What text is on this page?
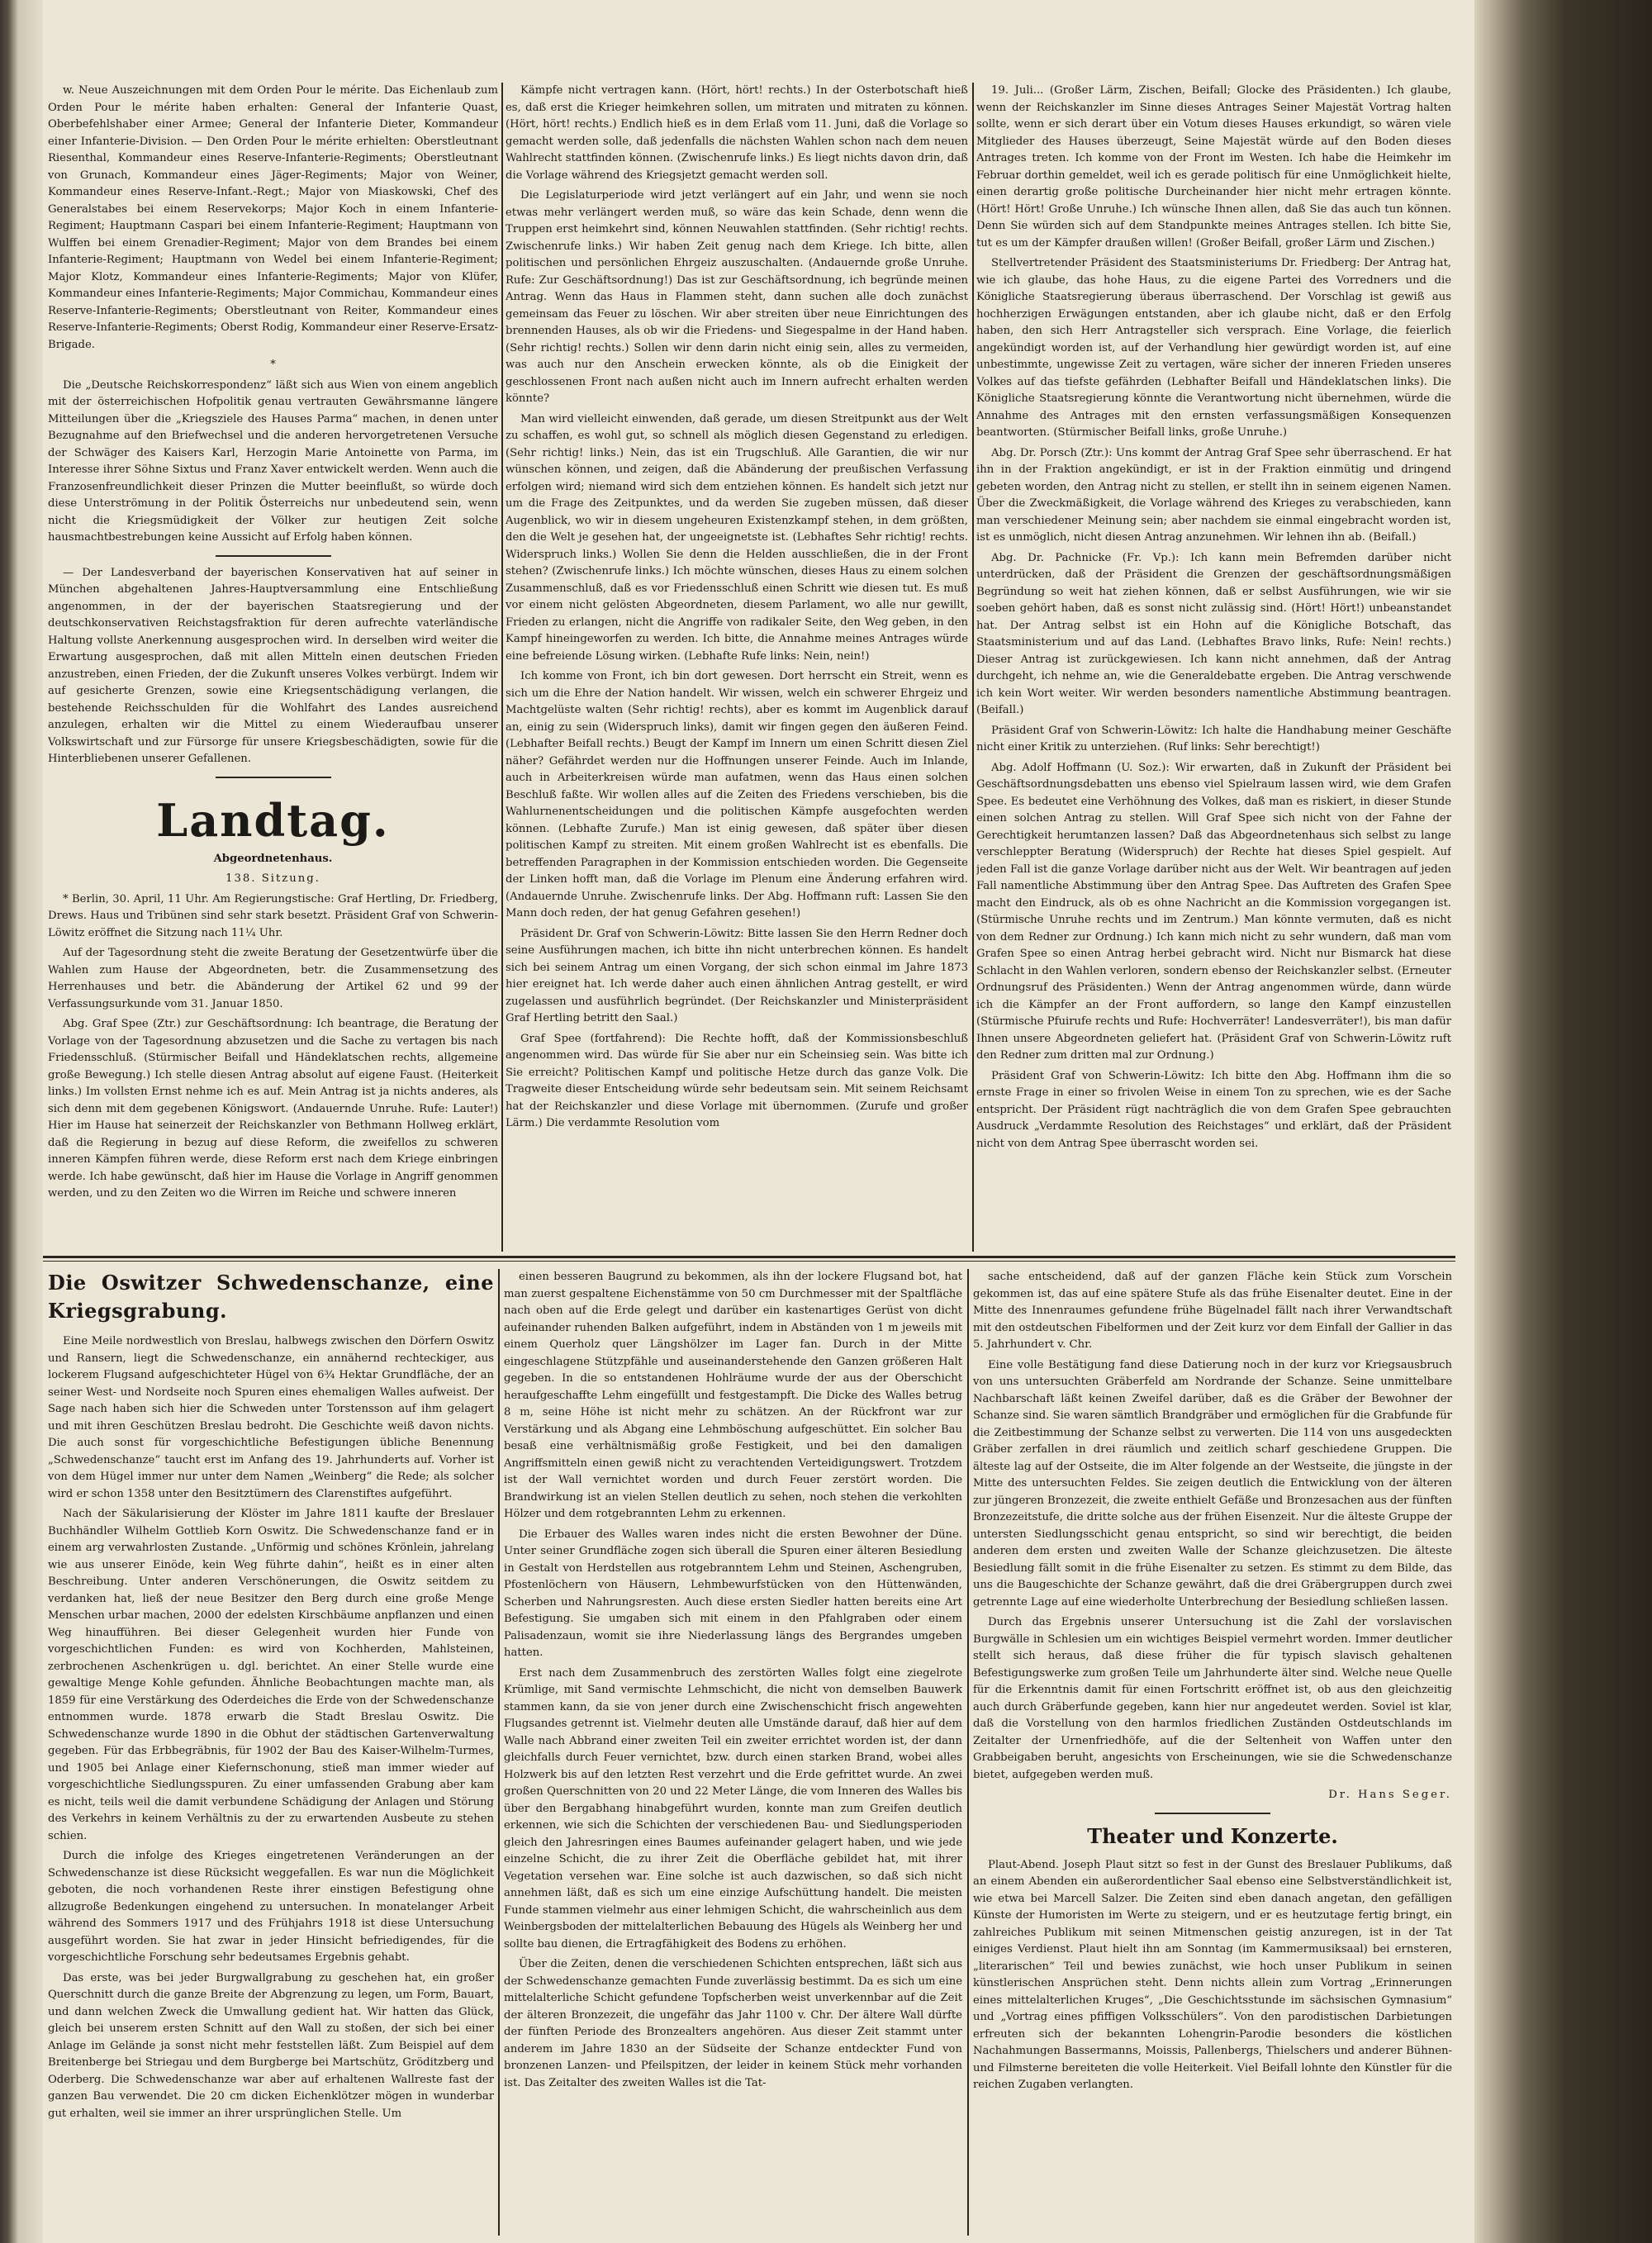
w. Neue Auszeichnungen mit dem Orden Pour le mérite. Das Eichenlaub zum Orden Pour le mérite haben erhalten: General der Infanterie Quast, Oberbefehlshaber einer Armee; General der Infanterie Dieter, Kommandeur einer Infanterie-Division. — Den Orden Pour le mérite erhielten: Oberstleutnant Riesenthal, Kommandeur eines Reserve-Infanterie-Regiments; Oberstleutnant von Grunach, Kommandeur eines Jäger-Regiments; Major von Weiner, Kommandeur eines Reserve-Infant.-Regt.; Major von Miaskowski, Chef des Generalstabes bei einem Reservekorps; Major Koch in einem Infanterie-Regiment; Hauptmann Caspari bei einem Infanterie-Regiment; Hauptmann von Wulffen bei einem Grenadier-Regiment; Major von dem Brandes bei einem Infanterie-Regiment; Hauptmann von Wedel bei einem Infanterie-Regiment; Major Klotz, Kommandeur eines Infanterie-Regiments; Major von Klüfer, Kommandeur eines Infanterie-Regiments; Major Commichau, Kommandeur eines Reserve-Infanterie-Regiments; Oberstleutnant von Reiter, Kommandeur eines Reserve-Infanterie-Regiments; Oberst Rodig, Kommandeur einer Reserve-Ersatz-Brigade.

*

Die „Deutsche Reichskorrespondenz“ läßt sich aus Wien von einem angeblich mit der österreichischen Hofpolitik genau vertrauten Gewährsmanne längere Mitteilungen über die „Kriegsziele des Hauses Parma“ machen, in denen unter Bezugnahme auf den Briefwechsel und die anderen hervorgetretenen Versuche der Schwäger des Kaisers Karl, Herzogin Marie Antoinette von Parma, im Interesse ihrer Söhne Sixtus und Franz Xaver entwickelt werden. Wenn auch die Franzosenfreundlichkeit dieser Prinzen die Mutter beeinflußt, so würde doch diese Unterströmung in der Politik Österreichs nur unbedeutend sein, wenn nicht die Kriegsmüdigkeit der Völker zur heutigen Zeit solche hausmachtbestrebungen keine Aussicht auf Erfolg haben können.

— Der Landesverband der bayerischen Konservativen hat auf seiner in München abgehaltenen Jahres-Hauptversammlung eine Entschließung angenommen, in der der bayerischen Staatsregierung und der deutschkonservativen Reichstagsfraktion für deren aufrechte vaterländische Haltung vollste Anerkennung ausgesprochen wird. In derselben wird weiter die Erwartung ausgesprochen, daß mit allen Mitteln einen deutschen Frieden anzustreben, einen Frieden, der die Zukunft unseres Volkes verbürgt. Indem wir auf gesicherte Grenzen, sowie eine Kriegsentschädigung verlangen, die bestehende Reichsschulden für die Wohlfahrt des Landes ausreichend anzulegen, erhalten wir die Mittel zu einem Wiederaufbau unserer Volkswirtschaft und zur Fürsorge für unsere Kriegsbeschädigten, sowie für die Hinterbliebenen unserer Gefallenen.

Landtag.

Abgeordnetenhaus.

138. Sitzung.

* Berlin, 30. April, 11 Uhr. Am Regierungstische: Graf Hertling, Dr. Friedberg, Drews. Haus und Tribünen sind sehr stark besetzt. Präsident Graf von Schwerin-Löwitz eröffnet die Sitzung nach 11¼ Uhr.

Auf der Tagesordnung steht die zweite Beratung der Gesetzentwürfe über die Wahlen zum Hause der Abgeordneten, betr. die Zusammensetzung des Herrenhauses und betr. die Abänderung der Artikel 62 und 99 der Verfassungsurkunde vom 31. Januar 1850.

Abg. Graf Spee (Ztr.) zur Geschäftsordnung: Ich beantrage, die Beratung der Vorlage von der Tagesordnung abzusetzen und die Sache zu vertagen bis nach Friedensschluß. (Stürmischer Beifall und Händeklatschen rechts, allgemeine große Bewegung.) Ich stelle diesen Antrag absolut auf eigene Faust. (Heiterkeit links.) Im vollsten Ernst nehme ich es auf. Mein Antrag ist ja nichts anderes, als sich denn mit dem gegebenen Königswort. (Andauernde Unruhe. Rufe: Lauter!) Hier im Hause hat seinerzeit der Reichskanzler von Bethmann Hollweg erklärt, daß die Regierung in bezug auf diese Reform, die zweifellos zu schweren inneren Kämpfen führen werde, diese Reform erst nach dem Kriege einbringen werde. Ich habe gewünscht, daß hier im Hause die Vorlage in Angriff genommen werden, und zu den Zeiten wo die Wirren im Reiche und schwere inneren

Kämpfe nicht vertragen kann. (Hört, hört! rechts.) In der Osterbotschaft hieß es, daß erst die Krieger heimkehren sollen, um mitraten und mitraten zu können. (Hört, hört! rechts.) Endlich hieß es in dem Erlaß vom 11. Juni, daß die Vorlage so gemacht werden solle, daß jedenfalls die nächsten Wahlen schon nach dem neuen Wahlrecht stattfinden können. (Zwischenrufe links.) Es liegt nichts davon drin, daß die Vorlage während des Kriegsjetzt gemacht werden soll.

Die Legislaturperiode wird jetzt verlängert auf ein Jahr, und wenn sie noch etwas mehr verlängert werden muß, so wäre das kein Schade, denn wenn die Truppen erst heimkehrt sind, können Neuwahlen stattfinden. (Sehr richtig! rechts. Zwischenrufe links.) Wir haben Zeit genug nach dem Kriege. Ich bitte, allen politischen und persönlichen Ehrgeiz auszuschalten. (Andauernde große Unruhe. Rufe: Zur Geschäftsordnung!) Das ist zur Geschäftsordnung, ich begründe meinen Antrag. Wenn das Haus in Flammen steht, dann suchen alle doch zunächst gemeinsam das Feuer zu löschen. Wir aber streiten über neue Einrichtungen des brennenden Hauses, als ob wir die Friedens- und Siegespalme in der Hand haben. (Sehr richtig! rechts.) Sollen wir denn darin nicht einig sein, alles zu vermeiden, was auch nur den Anschein erwecken könnte, als ob die Einigkeit der geschlossenen Front nach außen nicht auch im Innern aufrecht erhalten werden könnte?

Man wird vielleicht einwenden, daß gerade, um diesen Streitpunkt aus der Welt zu schaffen, es wohl gut, so schnell als möglich diesen Gegenstand zu erledigen. (Sehr richtig! links.) Nein, das ist ein Trugschluß. Alle Garantien, die wir nur wünschen können, und zeigen, daß die Abänderung der preußischen Verfassung erfolgen wird; niemand wird sich dem entziehen können. Es handelt sich jetzt nur um die Frage des Zeitpunktes, und da werden Sie zugeben müssen, daß dieser Augenblick, wo wir in diesem ungeheuren Existenzkampf stehen, in dem größten, den die Welt je gesehen hat, der ungeeignetste ist. (Lebhaftes Sehr richtig! rechts. Widerspruch links.) Wollen Sie denn die Helden ausschließen, die in der Front stehen? (Zwischenrufe links.) Ich möchte wünschen, dieses Haus zu einem solchen Zusammenschluß, daß es vor Friedensschluß einen Schritt wie diesen tut. Es muß vor einem nicht gelösten Abgeordneten, diesem Parlament, wo alle nur gewillt, Frieden zu erlangen, nicht die Angriffe von radikaler Seite, den Weg geben, in den Kampf hineingeworfen zu werden. Ich bitte, die Annahme meines Antrages würde eine befreiende Lösung wirken. (Lebhafte Rufe links: Nein, nein!)

Ich komme von Front, ich bin dort gewesen. Dort herrscht ein Streit, wenn es sich um die Ehre der Nation handelt. Wir wissen, welch ein schwerer Ehrgeiz und Machtgelüste walten (Sehr richtig! rechts), aber es kommt im Augenblick darauf an, einig zu sein (Widerspruch links), damit wir fingen gegen den äußeren Feind. (Lebhafter Beifall rechts.) Beugt der Kampf im Innern um einen Schritt diesen Ziel näher? Gefährdet werden nur die Hoffnungen unserer Feinde. Auch im Inlande, auch in Arbeiterkreisen würde man aufatmen, wenn das Haus einen solchen Beschluß faßte. Wir wollen alles auf die Zeiten des Friedens verschieben, bis die Wahlurnenentscheidungen und die politischen Kämpfe ausgefochten werden können. (Lebhafte Zurufe.) Man ist einig gewesen, daß später über diesen politischen Kampf zu streiten. Mit einem großen Wahlrecht ist es ebenfalls. Die betreffenden Paragraphen in der Kommission entschieden worden. Die Gegenseite der Linken hofft man, daß die Vorlage im Plenum eine Änderung erfahren wird. (Andauernde Unruhe. Zwischenrufe links. Der Abg. Hoffmann ruft: Lassen Sie den Mann doch reden, der hat genug Gefahren gesehen!)

Präsident Dr. Graf von Schwerin-Löwitz: Bitte lassen Sie den Herrn Redner doch seine Ausführungen machen, ich bitte ihn nicht unterbrechen können. Es handelt sich bei seinem Antrag um einen Vorgang, der sich schon einmal im Jahre 1873 hier ereignet hat. Ich werde daher auch einen ähnlichen Antrag gestellt, er wird zugelassen und ausführlich begründet. (Der Reichskanzler und Ministerpräsident Graf Hertling betritt den Saal.)

Graf Spee (fortfahrend): Die Rechte hofft, daß der Kommissionsbeschluß angenommen wird. Das würde für Sie aber nur ein Scheinsieg sein. Was bitte ich Sie erreicht? Politischen Kampf und politische Hetze durch das ganze Volk. Die Tragweite dieser Entscheidung würde sehr bedeutsam sein. Mit seinem Reichsamt hat der Reichskanzler und diese Vorlage mit übernommen. (Zurufe und großer Lärm.) Die verdammte Resolution vom

19. Juli... (Großer Lärm, Zischen, Beifall; Glocke des Präsidenten.) Ich glaube, wenn der Reichskanzler im Sinne dieses Antrages Seiner Majestät Vortrag halten sollte, wenn er sich derart über ein Votum dieses Hauses erkundigt, so wären viele Mitglieder des Hauses überzeugt, Seine Majestät würde auf den Boden dieses Antrages treten. Ich komme von der Front im Westen. Ich habe die Heimkehr im Februar dorthin gemeldet, weil ich es gerade politisch für eine Unmöglichkeit hielte, einen derartig große politische Durcheinander hier nicht mehr ertragen könnte. (Hört! Hört! Große Unruhe.) Ich wünsche Ihnen allen, daß Sie das auch tun können. Denn Sie würden sich auf dem Standpunkte meines Antrages stellen. Ich bitte Sie, tut es um der Kämpfer draußen willen! (Großer Beifall, großer Lärm und Zischen.)

Stellvertretender Präsident des Staatsministeriums Dr. Friedberg: Der Antrag hat, wie ich glaube, das hohe Haus, zu die eigene Partei des Vorredners und die Königliche Staatsregierung überaus überraschend. Der Vorschlag ist gewiß aus hochherzigen Erwägungen entstanden, aber ich glaube nicht, daß er den Erfolg haben, den sich Herr Antragsteller sich versprach. Eine Vorlage, die feierlich angekündigt worden ist, auf der Verhandlung hier gewürdigt worden ist, auf eine unbestimmte, ungewisse Zeit zu vertagen, wäre sicher der inneren Frieden unseres Volkes auf das tiefste gefährden (Lebhafter Beifall und Händeklatschen links). Die Königliche Staatsregierung könnte die Verantwortung nicht übernehmen, würde die Annahme des Antrages mit den ernsten verfassungsmäßigen Konsequenzen beantworten. (Stürmischer Beifall links, große Unruhe.)

Abg. Dr. Porsch (Ztr.): Uns kommt der Antrag Graf Spee sehr überraschend. Er hat ihn in der Fraktion angekündigt, er ist in der Fraktion einmütig und dringend gebeten worden, den Antrag nicht zu stellen, er stellt ihn in seinem eigenen Namen. Über die Zweckmäßigkeit, die Vorlage während des Krieges zu verabschieden, kann man verschiedener Meinung sein; aber nachdem sie einmal eingebracht worden ist, ist es unmöglich, nicht diesen Antrag anzunehmen. Wir lehnen ihn ab. (Beifall.)

Abg. Dr. Pachnicke (Fr. Vp.): Ich kann mein Befremden darüber nicht unterdrücken, daß der Präsident die Grenzen der geschäftsordnungsmäßigen Begründung so weit hat ziehen können, daß er selbst Ausführungen, wie wir sie soeben gehört haben, daß es sonst nicht zulässig sind. (Hört! Hört!) unbeanstandet hat. Der Antrag selbst ist ein Hohn auf die Königliche Botschaft, das Staatsministerium und auf das Land. (Lebhaftes Bravo links, Rufe: Nein! rechts.) Dieser Antrag ist zurückgewiesen. Ich kann nicht annehmen, daß der Antrag durchgeht, ich nehme an, wie die Generaldebatte ergeben. Die Antrag verschwende ich kein Wort weiter. Wir werden besonders namentliche Abstimmung beantragen. (Beifall.)

Präsident Graf von Schwerin-Löwitz: Ich halte die Handhabung meiner Geschäfte nicht einer Kritik zu unterziehen. (Ruf links: Sehr berechtigt!)

Abg. Adolf Hoffmann (U. Soz.): Wir erwarten, daß in Zukunft der Präsident bei Geschäftsordnungsdebatten uns ebenso viel Spielraum lassen wird, wie dem Grafen Spee. Es bedeutet eine Verhöhnung des Volkes, daß man es riskiert, in dieser Stunde einen solchen Antrag zu stellen. Will Graf Spee sich nicht von der Fahne der Gerechtigkeit herumtanzen lassen? Daß das Abgeordnetenhaus sich selbst zu lange verschleppter Beratung (Widerspruch) der Rechte hat dieses Spiel gespielt. Auf jeden Fall ist die ganze Vorlage darüber nicht aus der Welt. Wir beantragen auf jeden Fall namentliche Abstimmung über den Antrag Spee. Das Auftreten des Grafen Spee macht den Eindruck, als ob es ohne Nachricht an die Kommission vorgegangen ist. (Stürmische Unruhe rechts und im Zentrum.) Man könnte vermuten, daß es nicht von dem Redner zur Ordnung.) Ich kann mich nicht zu sehr wundern, daß man vom Grafen Spee so einen Antrag herbei gebracht wird. Nicht nur Bismarck hat diese Schlacht in den Wahlen verloren, sondern ebenso der Reichskanzler selbst. (Erneuter Ordnungsruf des Präsidenten.) Wenn der Antrag angenommen würde, dann würde ich die Kämpfer an der Front auffordern, so lange den Kampf einzustellen (Stürmische Pfuirufe rechts und Rufe: Hochverräter! Landesverräter!), bis man dafür Ihnen unsere Abgeordneten geliefert hat. (Präsident Graf von Schwerin-Löwitz ruft den Redner zum dritten mal zur Ordnung.)

Präsident Graf von Schwerin-Löwitz: Ich bitte den Abg. Hoffmann ihm die so ernste Frage in einer so frivolen Weise in einem Ton zu sprechen, wie es der Sache entspricht. Der Präsident rügt nachträglich die von dem Grafen Spee gebrauchten Ausdruck „Verdammte Resolution des Reichstages“ und erklärt, daß der Präsident nicht von dem Antrag Spee überrascht worden sei.

Die Oswitzer Schwedenschanze, eine Kriegsgrabung.

Eine Meile nordwestlich von Breslau, halbwegs zwischen den Dörfern Oswitz und Ransern, liegt die Schwedenschanze, ein annähernd rechteckiger, aus lockerem Flugsand aufgeschichteter Hügel von 6¾ Hektar Grundfläche, der an seiner West- und Nordseite noch Spuren eines ehemaligen Walles aufweist. Der Sage nach haben sich hier die Schweden unter Torstensson auf ihm gelagert und mit ihren Geschützen Breslau bedroht. Die Geschichte weiß davon nichts. Die auch sonst für vorgeschichtliche Befestigungen übliche Benennung „Schwedenschanze“ taucht erst im Anfang des 19. Jahrhunderts auf. Vorher ist von dem Hügel immer nur unter dem Namen „Weinberg“ die Rede; als solcher wird er schon 1358 unter den Besitztümern des Clarenstiftes aufgeführt.

Nach der Säkularisierung der Klöster im Jahre 1811 kaufte der Breslauer Buchhändler Wilhelm Gottlieb Korn Oswitz. Die Schwedenschanze fand er in einem arg verwahrlosten Zustande. „Unförmig und schönes Krönlein, jahrelang wie aus unserer Einöde, kein Weg führte dahin“, heißt es in einer alten Beschreibung. Unter anderen Verschönerungen, die Oswitz seitdem zu verdanken hat, ließ der neue Besitzer den Berg durch eine große Menge Menschen urbar machen, 2000 der edelsten Kirschbäume anpflanzen und einen Weg hinaufführen. Bei dieser Gelegenheit wurden hier Funde von vorgeschichtlichen Funden: es wird von Kochherden, Mahlsteinen, zerbrochenen Aschenkrügen u. dgl. berichtet. An einer Stelle wurde eine gewaltige Menge Kohle gefunden. Ähnliche Beobachtungen machte man, als 1859 für eine Verstärkung des Oderdeiches die Erde von der Schwedenschanze entnommen wurde. 1878 erwarb die Stadt Breslau Oswitz. Die Schwedenschanze wurde 1890 in die Obhut der städtischen Gartenverwaltung gegeben. Für das Erbbegräbnis, für 1902 der Bau des Kaiser-Wilhelm-Turmes, und 1905 bei Anlage einer Kiefernschonung, stieß man immer wieder auf vorgeschichtliche Siedlungsspuren. Zu einer umfassenden Grabung aber kam es nicht, teils weil die damit verbundene Schädigung der Anlagen und Störung des Verkehrs in keinem Verhältnis zu der zu erwartenden Ausbeute zu stehen schien.

Durch die infolge des Krieges eingetretenen Veränderungen an der Schwedenschanze ist diese Rücksicht weggefallen. Es war nun die Möglichkeit geboten, die noch vorhandenen Reste ihrer einstigen Befestigung ohne allzugroße Bedenkungen eingehend zu untersuchen. In monatelanger Arbeit während des Sommers 1917 und des Frühjahrs 1918 ist diese Untersuchung ausgeführt worden. Sie hat zwar in jeder Hinsicht befriedigendes, für die vorgeschichtliche Forschung sehr bedeutsames Ergebnis gehabt.

Das erste, was bei jeder Burgwallgrabung zu geschehen hat, ein großer Querschnitt durch die ganze Breite der Abgrenzung zu legen, um Form, Bauart, und dann welchen Zweck die Umwallung gedient hat. Wir hatten das Glück, gleich bei unserem ersten Schnitt auf den Wall zu stoßen, der sich bei einer Anlage im Gelände ja sonst nicht mehr feststellen läßt. Zum Beispiel auf dem Breitenberge bei Striegau und dem Burgberge bei Martschütz, Gröditzberg und Oderberg. Die Schwedenschanze war aber auf erhaltenen Wallreste fast der ganzen Bau verwendet. Die 20 cm dicken Eichenklötzer mögen in wunderbar gut erhalten, weil sie immer an ihrer ursprünglichen Stelle. Um

einen besseren Baugrund zu bekommen, als ihn der lockere Flugsand bot, hat man zuerst gespaltene Eichenstämme von 50 cm Durchmesser mit der Spaltfläche nach oben auf die Erde gelegt und darüber ein kastenartiges Gerüst von dicht aufeinander ruhenden Balken aufgeführt, indem in Abständen von 1 m jeweils mit einem Querholz quer Längshölzer im Lager fan. Durch in der Mitte eingeschlagene Stützpfähle und auseinanderstehende den Ganzen größeren Halt gegeben. In die so entstandenen Hohlräume wurde der aus der Oberschicht heraufgeschaffte Lehm eingefüllt und festgestampft. Die Dicke des Walles betrug 8 m, seine Höhe ist nicht mehr zu schätzen. An der Rückfront war zur Verstärkung und als Abgang eine Lehmböschung aufgeschüttet. Ein solcher Bau besaß eine verhältnismäßig große Festigkeit, und bei den damaligen Angriffsmitteln einen gewiß nicht zu verachtenden Verteidigungswert. Trotzdem ist der Wall vernichtet worden und durch Feuer zerstört worden. Die Brandwirkung ist an vielen Stellen deutlich zu sehen, noch stehen die verkohlten Hölzer und dem rotgebrannten Lehm zu erkennen.

Die Erbauer des Walles waren indes nicht die ersten Bewohner der Düne. Unter seiner Grundfläche zogen sich überall die Spuren einer älteren Besiedlung in Gestalt von Herdstellen aus rotgebranntem Lehm und Steinen, Aschengruben, Pfostenlöchern von Häusern, Lehmbewurfstücken von den Hüttenwänden, Scherben und Nahrungsresten. Auch diese ersten Siedler hatten bereits eine Art Befestigung. Sie umgaben sich mit einem in den Pfahlgraben oder einem Palisadenzaun, womit sie ihre Niederlassung längs des Bergrandes umgeben hatten.

Erst nach dem Zusammenbruch des zerstörten Walles folgt eine ziegelrote Krümlige, mit Sand vermischte Lehmschicht, die nicht von demselben Bauwerk stammen kann, da sie von jener durch eine Zwischenschicht frisch angewehten Flugsandes getrennt ist. Vielmehr deuten alle Umstände darauf, daß hier auf dem Walle nach Abbrand einer zweiten Teil ein zweiter errichtet worden ist, der dann gleichfalls durch Feuer vernichtet, bzw. durch einen starken Brand, wobei alles Holzwerk bis auf den letzten Rest verzehrt und die Erde gefrittet wurde. An zwei großen Querschnitten von 20 und 22 Meter Länge, die vom Inneren des Walles bis über den Bergabhang hinabgeführt wurden, konnte man zum Greifen deutlich erkennen, wie sich die Schichten der verschiedenen Bau- und Siedlungsperioden gleich den Jahresringen eines Baumes aufeinander gelagert haben, und wie jede einzelne Schicht, die zu ihrer Zeit die Oberfläche gebildet hat, mit ihrer Vegetation versehen war. Eine solche ist auch dazwischen, so daß sich nicht annehmen läßt, daß es sich um eine einzige Aufschüttung handelt. Die meisten Funde stammen vielmehr aus einer lehmigen Schicht, die wahrscheinlich aus dem Weinbergsboden der mittelalterlichen Bebauung des Hügels als Weinberg her und sollte bau dienen, die Ertragfähigkeit des Bodens zu erhöhen.

Über die Zeiten, denen die verschiedenen Schichten entsprechen, läßt sich aus der Schwedenschanze gemachten Funde zuverlässig bestimmt. Da es sich um eine mittelalterliche Schicht gefundene Topfscherben weist unverkennbar auf die Zeit der älteren Bronzezeit, die ungefähr das Jahr 1100 v. Chr. Der ältere Wall dürfte der fünften Periode des Bronzealters angehören. Aus dieser Zeit stammt unter anderem im Jahre 1830 an der Südseite der Schanze entdeckter Fund von bronzenen Lanzen- und Pfeilspitzen, der leider in keinem Stück mehr vorhanden ist. Das Zeitalter des zweiten Walles ist die Tat-

sache entscheidend, daß auf der ganzen Fläche kein Stück zum Vorschein gekommen ist, das auf eine spätere Stufe als das frühe Eisenalter deutet. Eine in der Mitte des Innenraumes gefundene frühe Bügelnadel fällt nach ihrer Verwandtschaft mit den ostdeutschen Fibelformen und der Zeit kurz vor dem Einfall der Gallier in das 5. Jahrhundert v. Chr.

Eine volle Bestätigung fand diese Datierung noch in der kurz vor Kriegsausbruch von uns untersuchten Gräberfeld am Nordrande der Schanze. Seine unmittelbare Nachbarschaft läßt keinen Zweifel darüber, daß es die Gräber der Bewohner der Schanze sind. Sie waren sämtlich Brandgräber und ermöglichen für die Grabfunde für die Zeitbestimmung der Schanze selbst zu verwerten. Die 114 von uns ausgedeckten Gräber zerfallen in drei räumlich und zeitlich scharf geschiedene Gruppen. Die älteste lag auf der Ostseite, die im Alter folgende an der Westseite, die jüngste in der Mitte des untersuchten Feldes. Sie zeigen deutlich die Entwicklung von der älteren zur jüngeren Bronzezeit, die zweite enthielt Gefäße und Bronzesachen aus der fünften Bronzezeitstufe, die dritte solche aus der frühen Eisenzeit. Nur die älteste Gruppe der untersten Siedlungsschicht genau entspricht, so sind wir berechtigt, die beiden anderen dem ersten und zweiten Walle der Schanze gleichzusetzen. Die älteste Besiedlung fällt somit in die frühe Eisenalter zu setzen. Es stimmt zu dem Bilde, das uns die Baugeschichte der Schanze gewährt, daß die drei Gräbergruppen durch zwei getrennte Lage auf eine wiederholte Unterbrechung der Besiedlung schließen lassen.

Durch das Ergebnis unserer Untersuchung ist die Zahl der vorslavischen Burgwälle in Schlesien um ein wichtiges Beispiel vermehrt worden. Immer deutlicher stellt sich heraus, daß diese früher die für typisch slavisch gehaltenen Befestigungswerke zum großen Teile um Jahrhunderte älter sind. Welche neue Quelle für die Erkenntnis damit für einen Fortschritt eröffnet ist, ob aus den gleichzeitig auch durch Gräberfunde gegeben, kann hier nur angedeutet werden. Soviel ist klar, daß die Vorstellung von den harmlos friedlichen Zuständen Ostdeutschlands im Zeitalter der Urnenfriedhöfe, auf die der Seltenheit von Waffen unter den Grabbeigaben beruht, angesichts von Erscheinungen, wie sie die Schwedenschanze bietet, aufgegeben werden muß.

Dr. Hans Seger.

Theater und Konzerte.

Plaut-Abend. Joseph Plaut sitzt so fest in der Gunst des Breslauer Publikums, daß an einem Abenden ein außerordentlicher Saal ebenso eine Selbstverständlichkeit ist, wie etwa bei Marcell Salzer. Die Zeiten sind eben danach angetan, den gefälligen Künste der Humoristen im Werte zu steigern, und er es heutzutage fertig bringt, ein zahlreiches Publikum mit seinen Mitmenschen geistig anzuregen, ist in der Tat einiges Verdienst. Plaut hielt ihn am Sonntag (im Kammermusiksaal) bei ernsteren, „literarischen“ Teil und bewies zunächst, wie hoch unser Publikum in seinen künstlerischen Ansprüchen steht. Denn nichts allein zum Vortrag „Erinnerungen eines mittelalterlichen Kruges“, „Die Geschichtsstunde im sächsischen Gymnasium“ und „Vortrag eines pfiffigen Volksschülers“. Von den parodistischen Darbietungen erfreuten sich der bekannten Lohengrin-Parodie besonders die köstlichen Nachahmungen Bassermanns, Moissis, Pallenbergs, Thielschers und anderer Bühnen- und Filmsterne bereiteten die volle Heiterkeit. Viel Beifall lohnte den Künstler für die reichen Zugaben verlangten.
